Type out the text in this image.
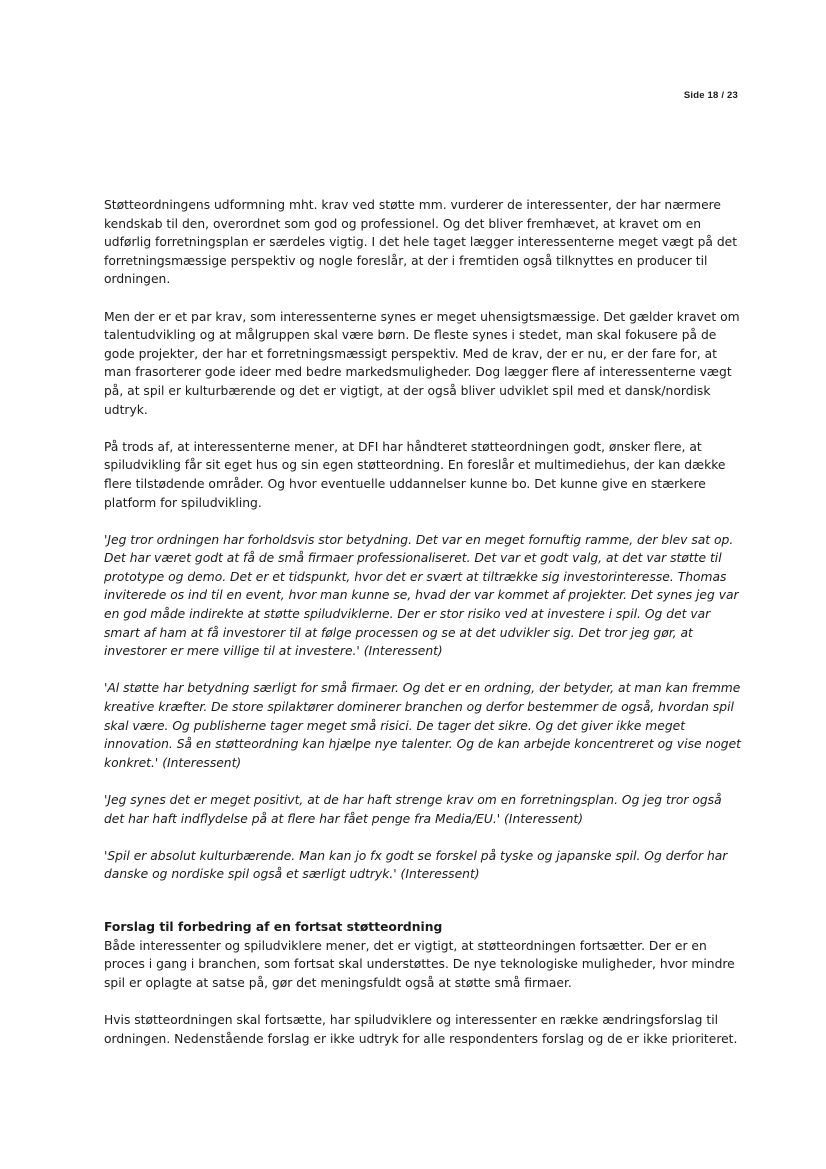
Side 18 / 23

Støtteordningens udformning mht. krav ved støtte mm. vurderer de interessenter, der har nærmere kendskab til den, overordnet som god og professionel. Og det bliver fremhævet, at kravet om en udførlig forretningsplan er særdeles vigtig. I det hele taget lægger interessenterne meget vægt på det forretningsmæssige perspektiv og nogle foreslår, at der i fremtiden også tilknyttes en producer til ordningen.

Men der er et par krav, som interessenterne synes er meget uhensigtsmæssige. Det gælder kravet om talentudvikling og at målgruppen skal være børn. De fleste synes i stedet, man skal fokusere på de gode projekter, der har et forretningsmæssigt perspektiv. Med de krav, der er nu, er der fare for, at man frasorterer gode ideer med bedre markedsmuligheder. Dog lægger flere af interessenterne vægt på, at spil er kulturbærende og det er vigtigt, at der også bliver udviklet spil med et dansk/nordisk udtryk.

På trods af, at interessenterne mener, at DFI har håndteret støtteordningen godt, ønsker flere, at spiludvikling får sit eget hus og sin egen støtteordning. En foreslår et multimediehus, der kan dække flere tilstødende områder. Og hvor eventuelle uddannelser kunne bo. Det kunne give en stærkere platform for spiludvikling.

'Jeg tror ordningen har forholdsvis stor betydning. Det var en meget fornuftig ramme, der blev sat op. Det har været godt at få de små firmaer professionaliseret. Det var et godt valg, at det var støtte til prototype og demo. Det er et tidspunkt, hvor det er svært at tiltrække sig investorinteresse. Thomas inviterede os ind til en event, hvor man kunne se, hvad der var kommet af projekter. Det synes jeg var en god måde indirekte at støtte spiludviklerne. Der er stor risiko ved at investere i spil. Og det var smart af ham at få investorer til at følge processen og se at det udvikler sig. Det tror jeg gør, at investorer er mere villige til at investere.' (Interessent)

'Al støtte har betydning særligt for små firmaer. Og det er en ordning, der betyder, at man kan fremme kreative kræfter. De store spilaktører dominerer branchen og derfor bestemmer de også, hvordan spil skal være. Og publisherne tager meget små risici. De tager det sikre. Og det giver ikke meget innovation. Så en støtteordning kan hjælpe nye talenter. Og de kan arbejde koncentreret og vise noget konkret.' (Interessent)

'Jeg synes det er meget positivt, at de har haft strenge krav om en forretningsplan. Og jeg tror også det har haft indflydelse på at flere har fået penge fra Media/EU.' (Interessent)

'Spil er absolut kulturbærende. Man kan jo fx godt se forskel på tyske og japanske spil. Og derfor har danske og nordiske spil også et særligt udtryk.' (Interessent)

Forslag til forbedring af en fortsat støtteordning

Både interessenter og spiludviklere mener, det er vigtigt, at støtteordningen fortsætter. Der er en proces i gang i branchen, som fortsat skal understøttes. De nye teknologiske muligheder, hvor mindre spil er oplagte at satse på, gør det meningsfuldt også at støtte små firmaer.

Hvis støtteordningen skal fortsætte, har spiludviklere og interessenter en række ændringsforslag til ordningen. Nedenstående forslag er ikke udtryk for alle respondenters forslag og de er ikke prioriteret.
